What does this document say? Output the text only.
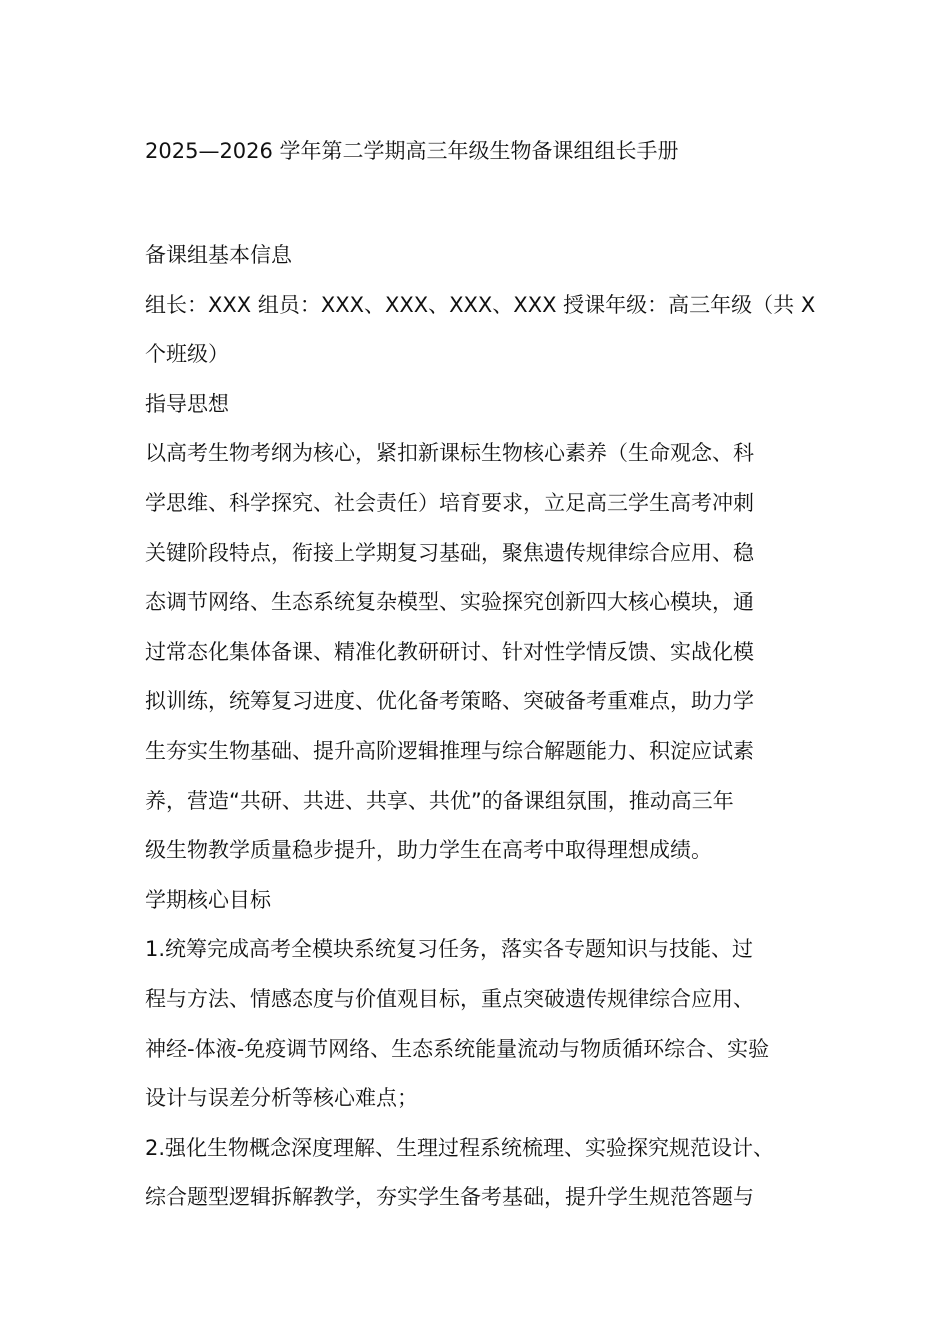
2025—2026 学年第二学期高三年级生物备课组组长手册
备课组基本信息
组长：XXX 组员：XXX、XXX、XXX、XXX 授课年级：高三年级（共 X
个班级）
指导思想
以高考生物考纲为核心，紧扣新课标生物核心素养（生命观念、科
学思维、科学探究、社会责任）培育要求，立足高三学生高考冲刺
关键阶段特点，衔接上学期复习基础，聚焦遗传规律综合应用、稳
态调节网络、生态系统复杂模型、实验探究创新四大核心模块，通
过常态化集体备课、精准化教研研讨、针对性学情反馈、实战化模
拟训练，统筹复习进度、优化备考策略、突破备考重难点，助力学
生夯实生物基础、提升高阶逻辑推理与综合解题能力、积淀应试素
养，营造“共研、共进、共享、共优”的备课组氛围，推动高三年
级生物教学质量稳步提升，助力学生在高考中取得理想成绩。
学期核心目标
1.统筹完成高考全模块系统复习任务，落实各专题知识与技能、过
程与方法、情感态度与价值观目标，重点突破遗传规律综合应用、
神经-体液-免疫调节网络、生态系统能量流动与物质循环综合、实验
设计与误差分析等核心难点；
2.强化生物概念深度理解、生理过程系统梳理、实验探究规范设计、
综合题型逻辑拆解教学，夯实学生备考基础，提升学生规范答题与
